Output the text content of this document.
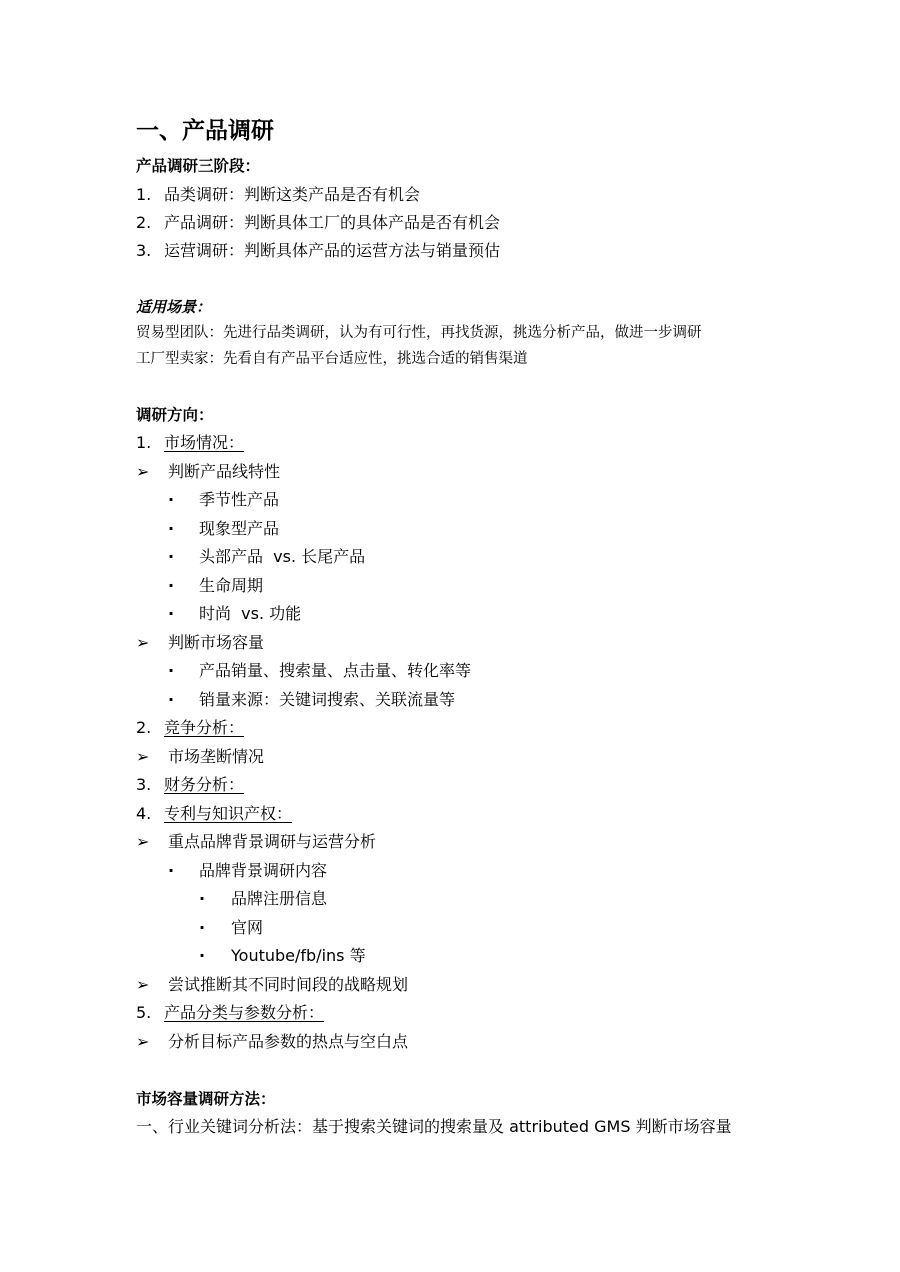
一、产品调研
产品调研三阶段：
1. 品类调研：判断这类产品是否有机会
2. 产品调研：判断具体工厂的具体产品是否有机会
3. 运营调研：判断具体产品的运营方法与销量预估
适用场景：
贸易型团队：先进行品类调研，认为有可行性，再找货源，挑选分析产品，做进一步调研
工厂型卖家：先看自有产品平台适应性，挑选合适的销售渠道
调研方向：
1. 市场情况：
➢ 判断产品线特性
· 季节性产品
· 现象型产品
· 头部产品  vs. 长尾产品
· 生命周期
· 时尚  vs. 功能
➢ 判断市场容量
· 产品销量、搜索量、点击量、转化率等
· 销量来源：关键词搜索、关联流量等
2. 竞争分析：
➢ 市场垄断情况
3. 财务分析：
4. 专利与知识产权：
➢ 重点品牌背景调研与运营分析
· 品牌背景调研内容
· 品牌注册信息
· 官网
· Youtube/fb/ins 等
➢ 尝试推断其不同时间段的战略规划
5. 产品分类与参数分析：
➢ 分析目标产品参数的热点与空白点
市场容量调研方法：
一、行业关键词分析法：基于搜索关键词的搜索量及 attributed GMS 判断市场容量
